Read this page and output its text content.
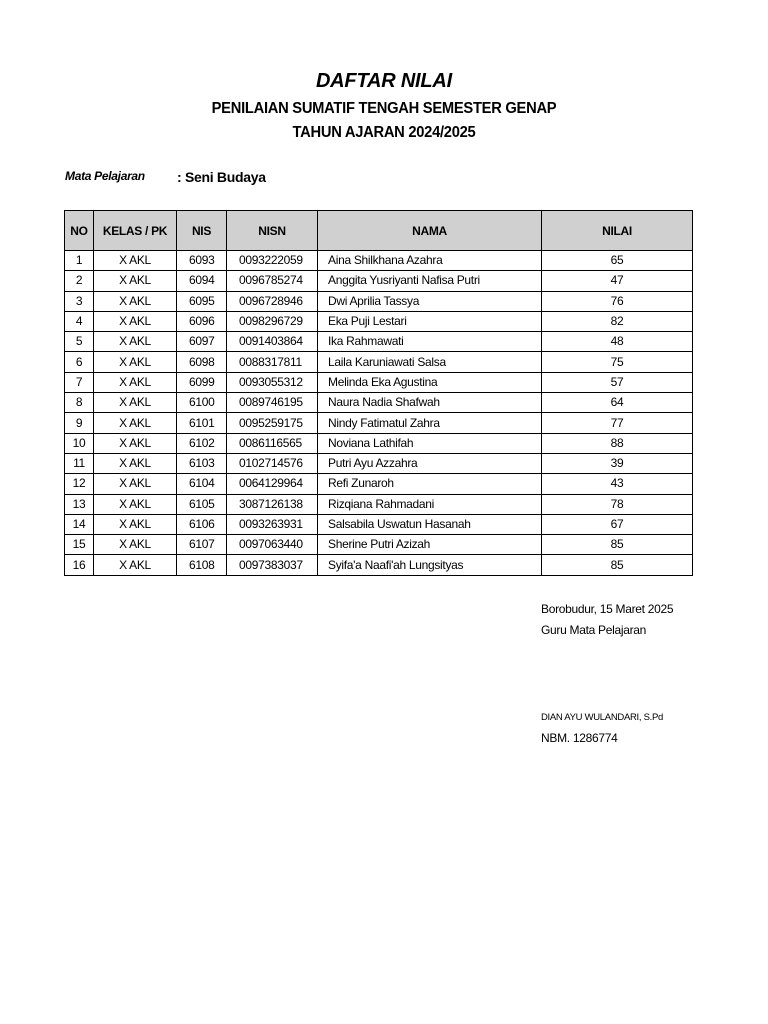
DAFTAR NILAI
PENILAIAN SUMATIF TENGAH SEMESTER GENAP
TAHUN AJARAN 2024/2025
Mata Pelajaran : Seni Budaya
NO	KELAS / PK	NIS	NISN	NAMA	NILAI
1	X AKL	6093	0093222059	Aina Shilkhana Azahra	65
2	X AKL	6094	0096785274	Anggita Yusriyanti Nafisa Putri	47
3	X AKL	6095	0096728946	Dwi Aprilia Tassya	76
4	X AKL	6096	0098296729	Eka Puji Lestari	82
5	X AKL	6097	0091403864	Ika Rahmawati	48
6	X AKL	6098	0088317811	Laila Karuniawati Salsa	75
7	X AKL	6099	0093055312	Melinda Eka Agustina	57
8	X AKL	6100	0089746195	Naura Nadia Shafwah	64
9	X AKL	6101	0095259175	Nindy Fatimatul Zahra	77
10	X AKL	6102	0086116565	Noviana Lathifah	88
11	X AKL	6103	0102714576	Putri Ayu Azzahra	39
12	X AKL	6104	0064129964	Refi Zunaroh	43
13	X AKL	6105	3087126138	Rizqiana Rahmadani	78
14	X AKL	6106	0093263931	Salsabila Uswatun Hasanah	67
15	X AKL	6107	0097063440	Sherine Putri Azizah	85
16	X AKL	6108	0097383037	Syifa'a Naafi'ah Lungsityas	85
Borobudur, 15 Maret 2025
Guru Mata Pelajaran
DIAN AYU WULANDARI, S.Pd
NBM. 1286774
